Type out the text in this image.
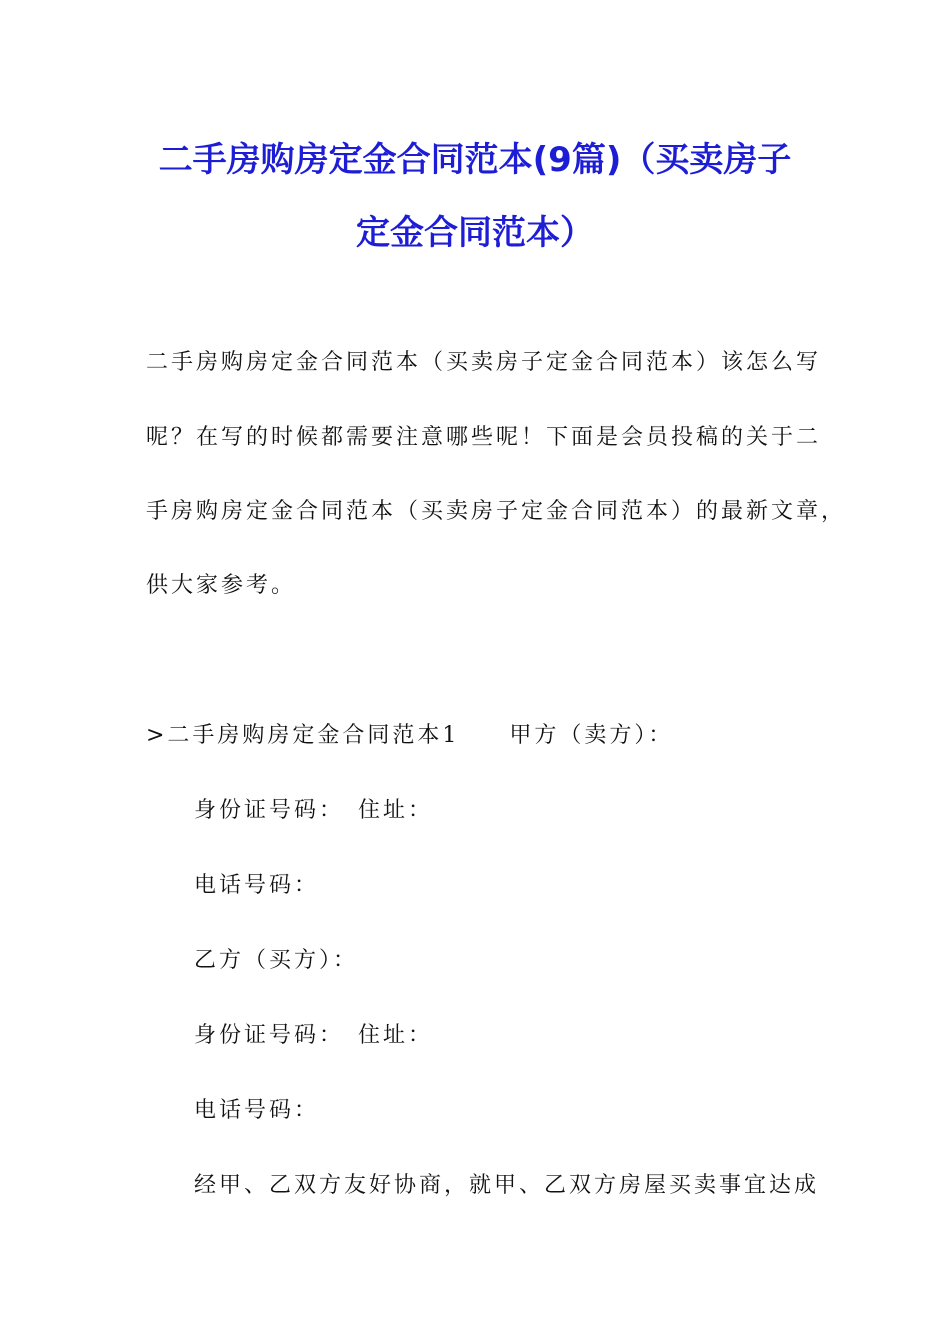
二手房购房定金合同范本(9篇)（买卖房子
定金合同范本）
二手房购房定金合同范本（买卖房子定金合同范本）该怎么写
呢？在写的时候都需要注意哪些呢！下面是会员投稿的关于二
手房购房定金合同范本（买卖房子定金合同范本）的最新文章，
供大家参考。
>二手房购房定金合同范本1　　甲方（卖方）：
身份证号码：　住址：
电话号码：
乙方（买方）：
身份证号码：　住址：
电话号码：
经甲、乙双方友好协商，就甲、乙双方房屋买卖事宜达成
